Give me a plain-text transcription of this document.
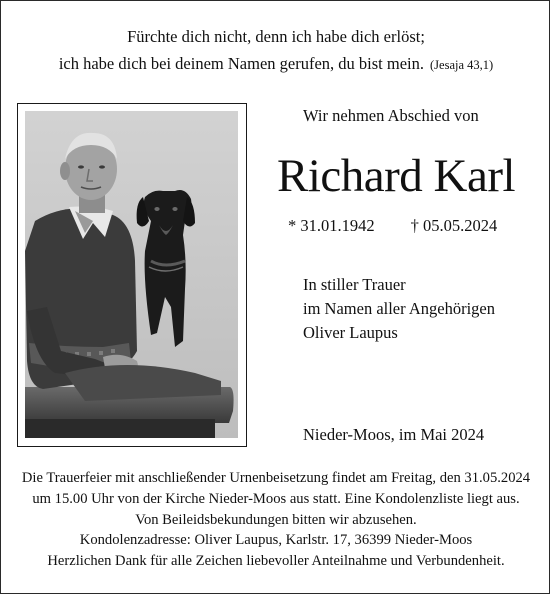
Fürchte dich nicht, denn ich habe dich erlöst;
ich habe dich bei deinem Namen gerufen, du bist mein. (Jesaja 43,1)
Wir nehmen Abschied von
Richard Karl
* 31.01.1942 † 05.05.2024
In stiller Trauer
im Namen aller Angehörigen
Oliver Laupus
Nieder-Moos, im Mai 2024
Die Trauerfeier mit anschließender Urnenbeisetzung findet am Freitag, den 31.05.2024
um 15.00 Uhr von der Kirche Nieder-Moos aus statt. Eine Kondolenzliste liegt aus.
Von Beileidsbekundungen bitten wir abzusehen.
Kondolenzadresse: Oliver Laupus, Karlstr. 17, 36399 Nieder-Moos
Herzlichen Dank für alle Zeichen liebevoller Anteilnahme und Verbundenheit.
